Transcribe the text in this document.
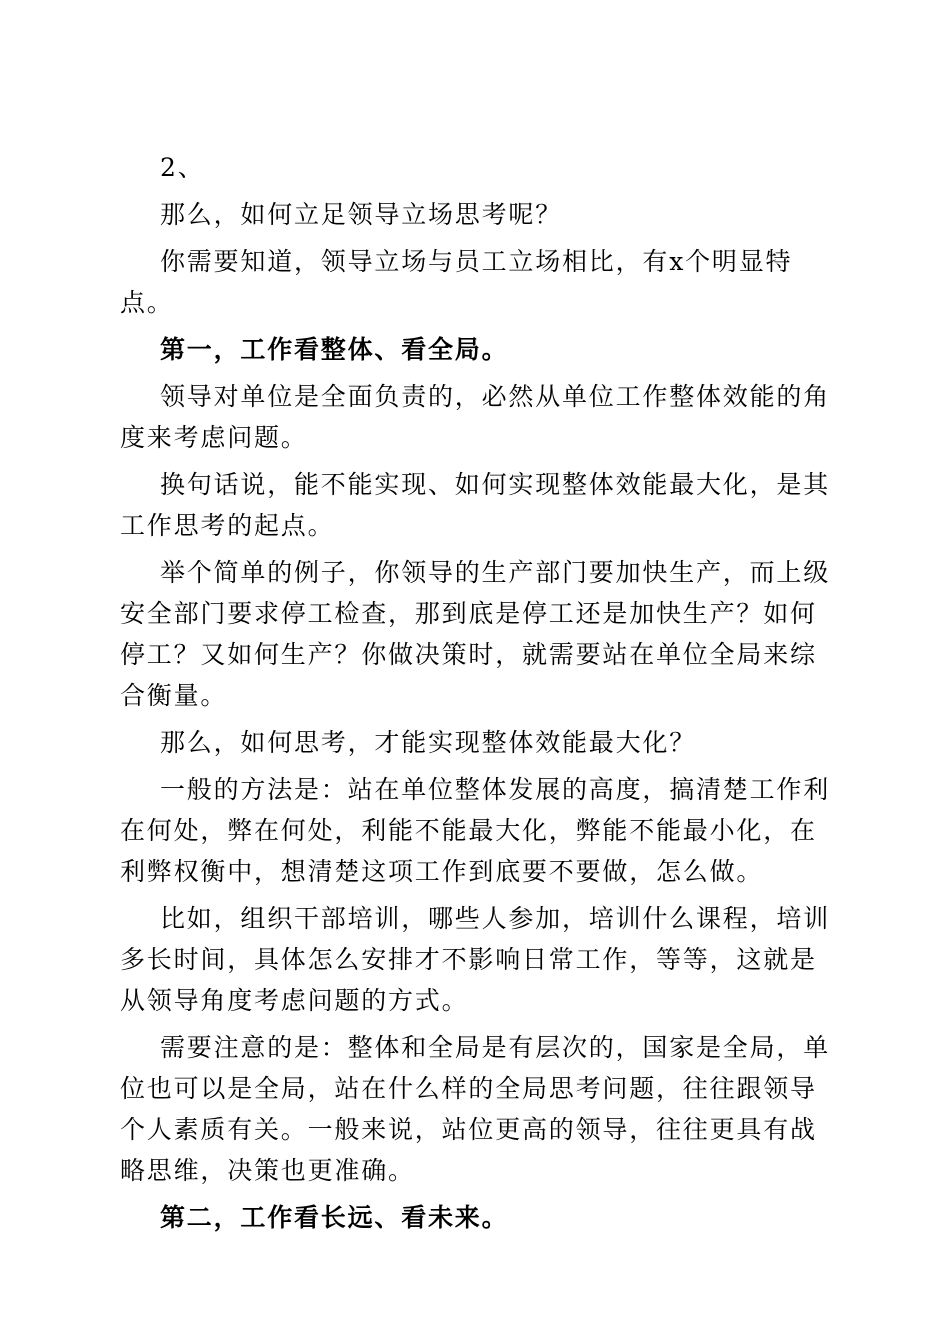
2、

那么，如何立足领导立场思考呢？

你需要知道，领导立场与员工立场相比，有x个明显特点。

第一，工作看整体、看全局。

领导对单位是全面负责的，必然从单位工作整体效能的角度来考虑问题。

换句话说，能不能实现、如何实现整体效能最大化，是其工作思考的起点。

举个简单的例子，你领导的生产部门要加快生产，而上级安全部门要求停工检查，那到底是停工还是加快生产？如何停工？又如何生产？你做决策时，就需要站在单位全局来综合衡量。

那么，如何思考，才能实现整体效能最大化？

一般的方法是：站在单位整体发展的高度，搞清楚工作利在何处，弊在何处，利能不能最大化，弊能不能最小化，在利弊权衡中，想清楚这项工作到底要不要做，怎么做。

比如，组织干部培训，哪些人参加，培训什么课程，培训多长时间，具体怎么安排才不影响日常工作，等等，这就是从领导角度考虑问题的方式。

需要注意的是：整体和全局是有层次的，国家是全局，单位也可以是全局，站在什么样的全局思考问题，往往跟领导个人素质有关。一般来说，站位更高的领导，往往更具有战略思维，决策也更准确。

第二，工作看长远、看未来。
